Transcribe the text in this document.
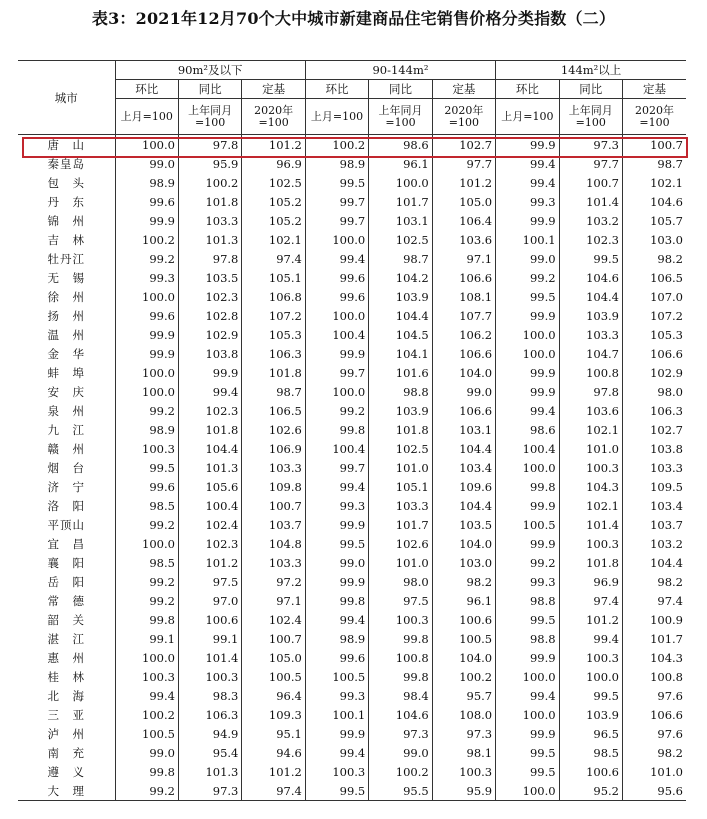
表3：2021年12月70个大中城市新建商品住宅销售价格分类指数（二）
城市	90m²及以下			90-144m²			144m²以上		
	环比	同比	定基	环比	同比	定基	环比	同比	定基
	上月=100	上年同月=100	2020年=100	上月=100	上年同月=100	2020年=100	上月=100	上年同月=100	2020年=100
唐　山	100.0	97.8	101.2	100.2	98.6	102.7	99.9	97.3	100.7
秦皇岛	99.0	95.9	96.9	98.9	96.1	97.7	99.4	97.7	98.7
包　头	98.9	100.2	102.5	99.5	100.0	101.2	99.4	100.7	102.1
丹　东	99.6	101.8	105.2	99.7	101.7	105.0	99.3	101.4	104.6
锦　州	99.9	103.3	105.2	99.7	103.1	106.4	99.9	103.2	105.7
吉　林	100.2	101.3	102.1	100.0	102.5	103.6	100.1	102.3	103.0
牡丹江	99.2	97.8	97.4	99.4	98.7	97.1	99.0	99.5	98.2
无　锡	99.3	103.5	105.1	99.6	104.2	106.6	99.2	104.6	106.5
徐　州	100.0	102.3	106.8	99.6	103.9	108.1	99.5	104.4	107.0
扬　州	99.6	102.8	107.2	100.0	104.4	107.7	99.9	103.9	107.2
温　州	99.9	102.9	105.3	100.4	104.5	106.2	100.0	103.3	105.3
金　华	99.9	103.8	106.3	99.9	104.1	106.6	100.0	104.7	106.6
蚌　埠	100.0	99.9	101.8	99.7	101.6	104.0	99.9	100.8	102.9
安　庆	100.0	99.4	98.7	100.0	98.8	99.0	99.9	97.8	98.0
泉　州	99.2	102.3	106.5	99.2	103.9	106.6	99.4	103.6	106.3
九　江	98.9	101.8	102.6	99.8	101.8	103.1	98.6	102.1	102.7
赣　州	100.3	104.4	106.9	100.4	102.5	104.4	100.4	101.0	103.8
烟　台	99.5	101.3	103.3	99.7	101.0	103.4	100.0	100.3	103.3
济　宁	99.6	105.6	109.8	99.4	105.1	109.6	99.8	104.3	109.5
洛　阳	98.5	100.4	100.7	99.3	103.3	104.4	99.9	102.1	103.4
平顶山	99.2	102.4	103.7	99.9	101.7	103.5	100.5	101.4	103.7
宜　昌	100.0	102.3	104.8	99.5	102.6	104.0	99.9	100.3	103.2
襄　阳	98.5	101.2	103.3	99.0	101.0	103.0	99.2	101.8	104.4
岳　阳	99.2	97.5	97.2	99.9	98.0	98.2	99.3	96.9	98.2
常　德	99.2	97.0	97.1	99.8	97.5	96.1	98.8	97.4	97.4
韶　关	99.8	100.6	102.4	99.4	100.3	100.6	99.5	101.2	100.9
湛　江	99.1	99.1	100.7	98.9	99.8	100.5	98.8	99.4	101.7
惠　州	100.0	101.4	105.0	99.6	100.8	104.0	99.9	100.3	104.3
桂　林	100.3	100.3	100.5	100.5	99.8	100.2	100.0	100.0	100.8
北　海	99.4	98.3	96.4	99.3	98.4	95.7	99.4	99.5	97.6
三　亚	100.2	106.3	109.3	100.1	104.6	108.0	100.0	103.9	106.6
泸　州	100.5	94.9	95.1	99.9	97.3	97.3	99.9	96.5	97.6
南　充	99.0	95.4	94.6	99.4	99.0	98.1	99.5	98.5	98.2
遵　义	99.8	101.3	101.2	100.3	100.2	100.3	99.5	100.6	101.0
大　理	99.2	97.3	97.4	99.5	95.5	95.9	100.0	95.2	95.6
